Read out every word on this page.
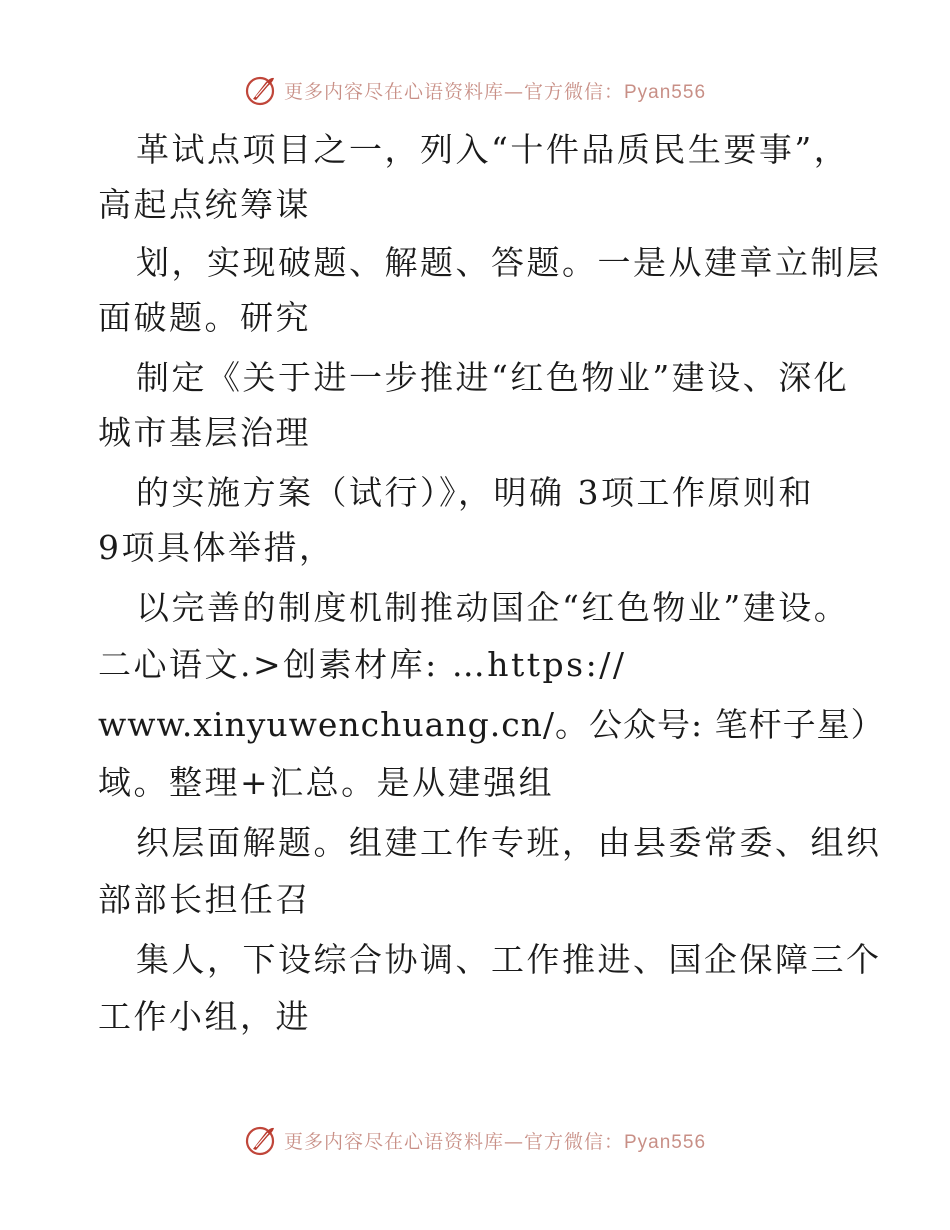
更多内容尽在心语资料库—官方微信：Pyan556
革试点项目之一，列入“十件品质民生要事”，
高起点统筹谋
划，实现破题、解题、答题。一是从建章立制层
面破题。研究
制定《关于进一步推进“红色物业”建设、深化
城市基层治理
的实施方案（试行）》，明确 3项工作原则和
9项具体举措，
以完善的制度机制推动国企“红色物业”建设。
二心语文.>创素材库: …https://
www.xinyuwenchuang.cn/。公众号: 笔杆子星）
域。整理+汇总。是从建强组
织层面解题。组建工作专班，由县委常委、组织
部部长担任召
集人，下设综合协调、工作推进、国企保障三个
工作小组，进
更多内容尽在心语资料库—官方微信：Pyan556
